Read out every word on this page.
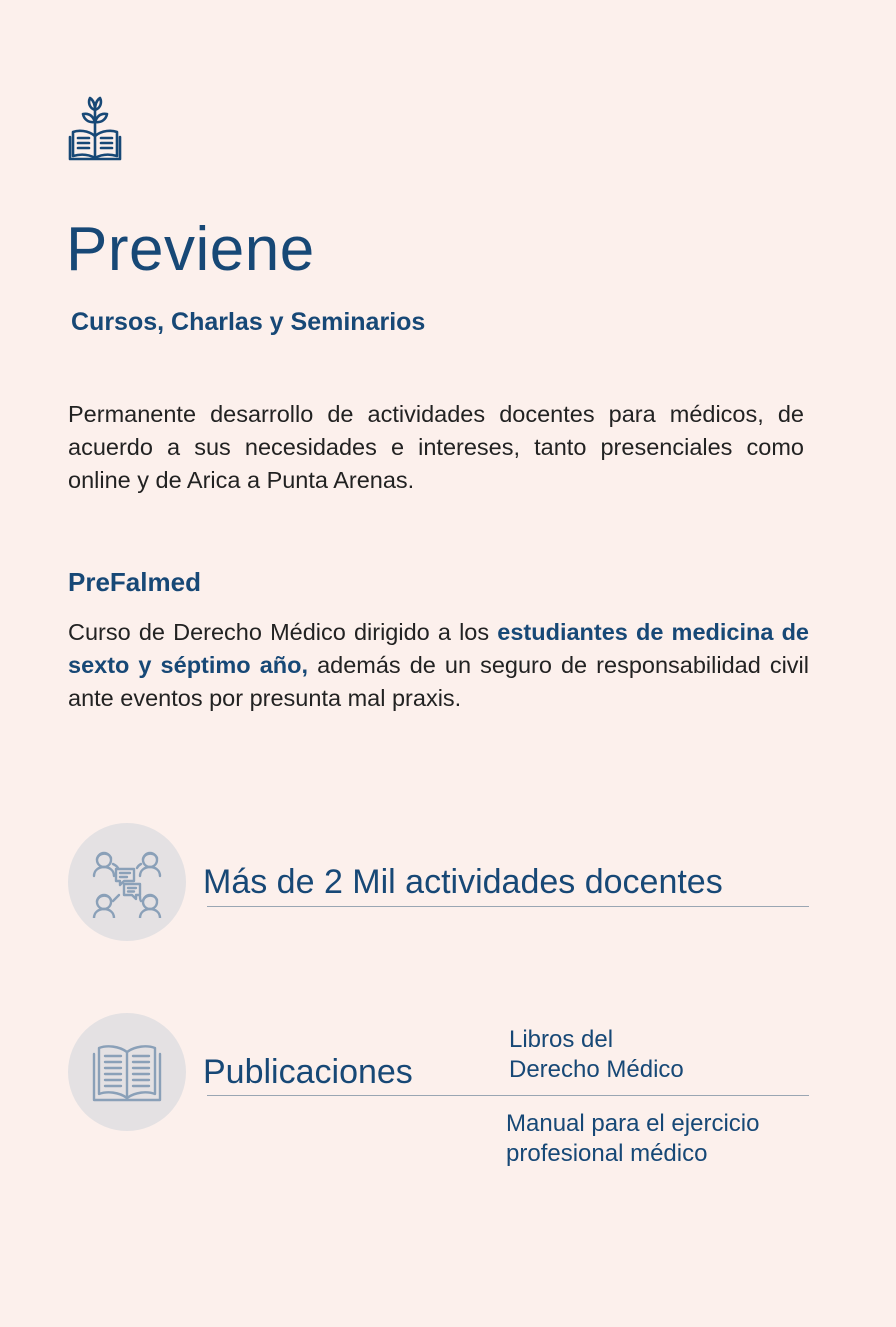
Previene
Cursos, Charlas y Seminarios

Permanente desarrollo de actividades docentes para médicos, de acuerdo a sus necesidades e intereses, tanto presenciales como online y de Arica a Punta Arenas.

PreFalmed

Curso de Derecho Médico dirigido a los estudiantes de medicina de sexto y séptimo año, además de un seguro de responsabilidad civil ante eventos por presunta mal praxis.

Más de 2 Mil actividades docentes
Publicaciones
Libros del
Derecho Médico
Manual para el ejercicio
profesional médico
